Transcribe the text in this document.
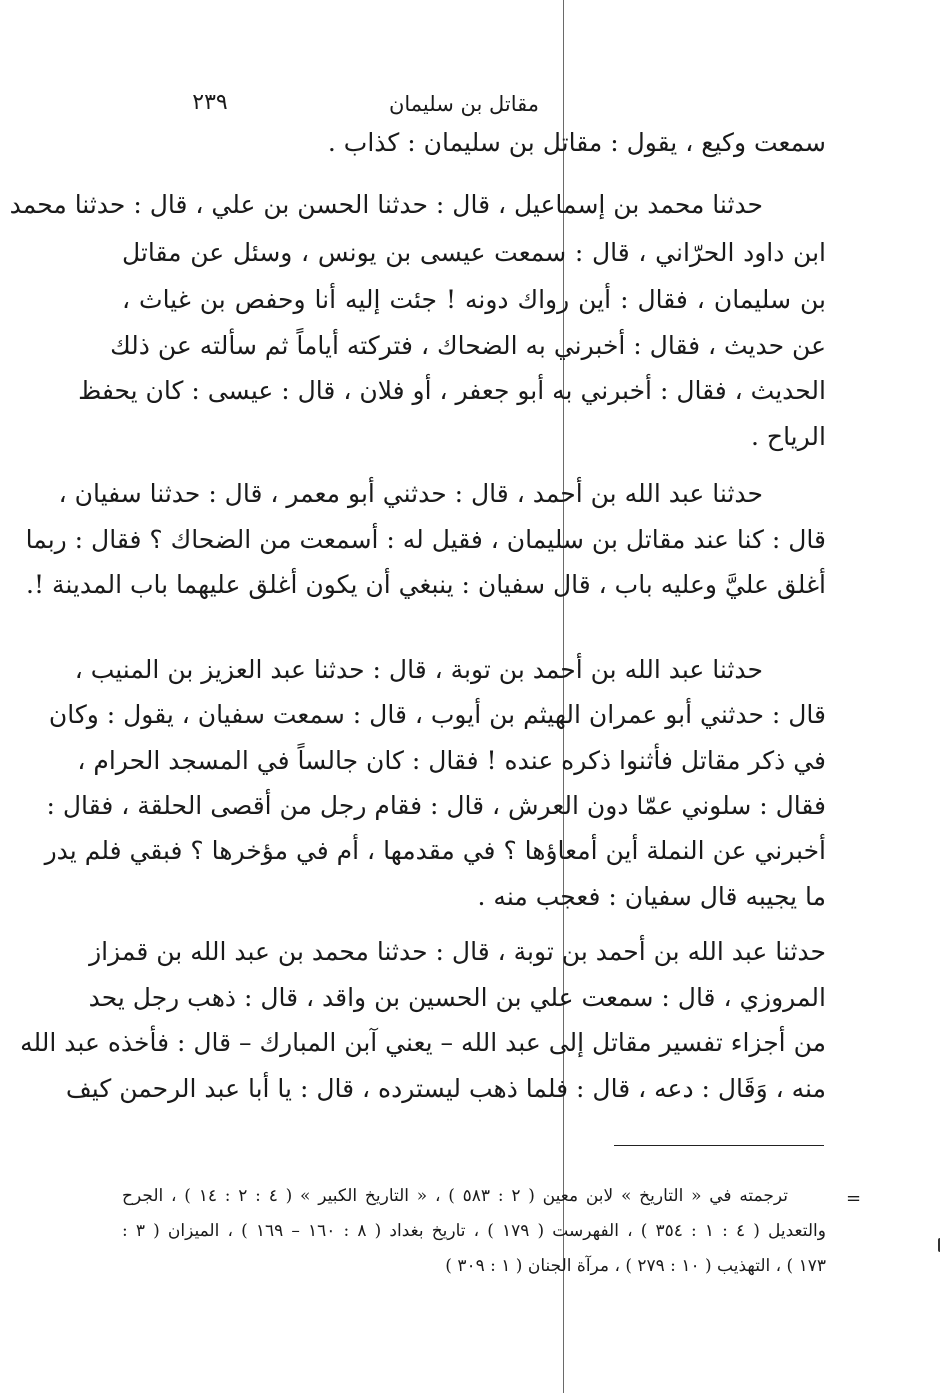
مقاتل بن سليمان
٢٣٩
سمعت وكيع ، يقول : مقاتل بن سليمان : كذاب .
حدثنا محمد بن إسماعيل ، قال : حدثنا الحسن بن علي ، قال : حدثنا محمد
ابن داود الحرّاني ، قال : سمعت عيسى بن يونس ، وسئل عن مقاتل
بن سليمان ، فقال : أين رواك دونه ! جئت إليه أنا وحفص بن غياث ،
عن حديث ، فقال : أخبرني به الضحاك ، فتركته أياماً ثم سألته عن ذلك
الحديث ، فقال : أخبرني به أبو جعفر ، أو فلان ، قال : عيسى : كان يحفظ
الرياح .
حدثنا عبد الله بن أحمد ، قال : حدثني أبو معمر ، قال : حدثنا سفيان ،
قال : كنا عند مقاتل بن سليمان ، فقيل له : أسمعت من الضحاك ؟ فقال : ربما
أغلق عليَّ وعليه باب ، قال سفيان : ينبغي أن يكون أغلق عليهما باب المدينة !.
حدثنا عبد الله بن أحمد بن توبة ، قال : حدثنا عبد العزيز بن المنيب ،
قال : حدثني أبو عمران الهيثم بن أيوب ، قال : سمعت سفيان ، يقول : وكان
في ذكر مقاتل فأثنوا ذكره عنده ! فقال : كان جالساً في المسجد الحرام ،
فقال : سلوني عمّا دون العرش ، قال : فقام رجل من أقصى الحلقة ، فقال :
أخبرني عن النملة أين أمعاؤها ؟ في مقدمها ، أم في مؤخرها ؟ فبقي فلم يدر
ما يجيبه قال سفيان : فعجب منه .
حدثنا عبد الله بن أحمد بن توبة ، قال : حدثنا محمد بن عبد الله بن قمزاز
المروزي ، قال : سمعت علي بن الحسين بن واقد ، قال : ذهب رجل يحد
من أجزاء تفسير مقاتل إلى عبد الله – يعني آبن المبارك – قال : فأخذه عبد الله
منه ، وَقَال : دعه ، قال : فلما ذهب ليسترده ، قال : يا أبا عبد الرحمن كيف
=
ترجمته في « التاريخ » لابن معين ( ٢ : ٥٨٣ ) ، « التاريخ الكبير » ( ٤ : ٢ : ١٤ ) ، الجرح
والتعديل ( ٤ : ١ : ٣٥٤ ) ، الفهرست ( ١٧٩ ) ، تاريخ بغداد ( ٨ : ١٦٠ – ١٦٩ ) ، الميزان ( ٣ :
١٧٣ ) ، التهذيب ( ١٠ : ٢٧٩ ) ، مرآة الجنان ( ١ : ٣٠٩ )
